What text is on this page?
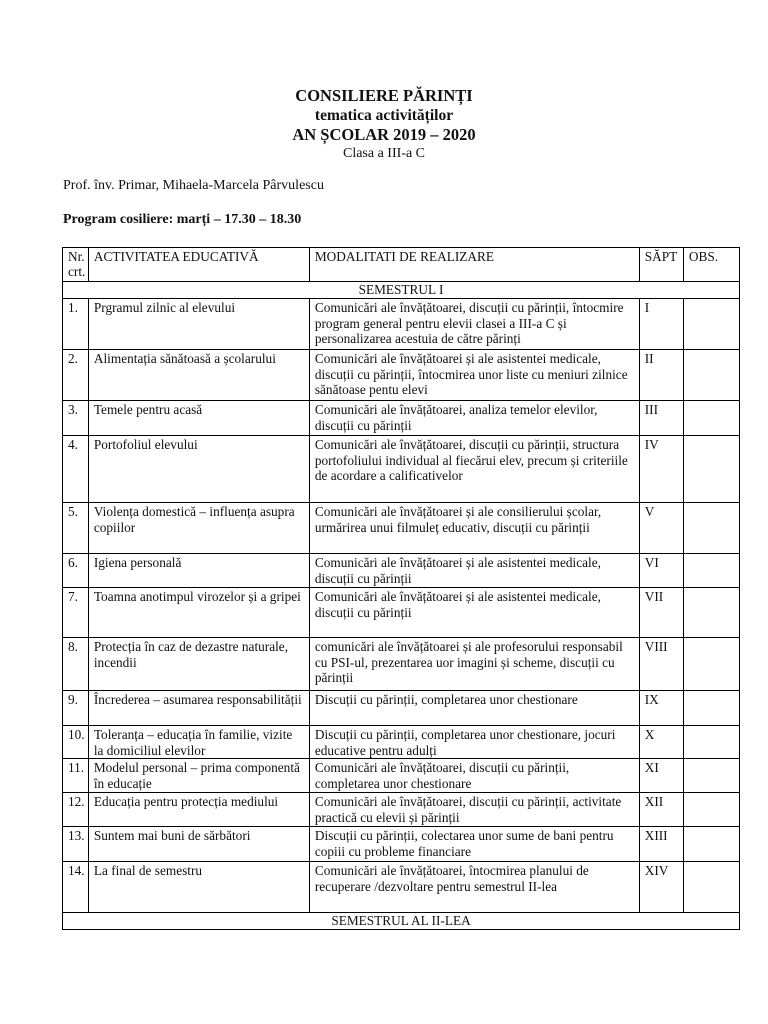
CONSILIERE PĂRINȚI
tematica activităților
AN ȘCOLAR 2019 – 2020
Clasa a III-a C
Prof. înv. Primar, Mihaela-Marcela Pârvulescu
Program cosiliere: marți – 17.30 – 18.30
Nr. crt.	ACTIVITATEA EDUCATIVĂ	MODALITATI DE REALIZARE	SĂPT	OBS.
SEMESTRUL I				
1.	Prgramul zilnic al elevului	Comunicări ale învățătoarei, discuții cu părinții, întocmire program general pentru elevii clasei a III-a C și personalizarea acestuia de către părinți	I	
2.	Alimentația sănătoasă a școlarului	Comunicări ale învățătoarei și ale asistentei medicale, discuții cu părinții, întocmirea unor liste cu meniuri zilnice sănătoase pentu elevi	II	
3.	Temele pentru acasă	Comunicări ale învățătoarei, analiza temelor elevilor, discuții cu părinții	III	
4.	Portofoliul elevului	Comunicări ale învățătoarei, discuții cu părinții, structura portofoliului individual al fiecărui elev, precum și criteriile de acordare a calificativelor	IV	
5.	Violența domestică – influența asupra copiilor	Comunicări ale învățătoarei și ale consilierului școlar, urmărirea unui filmuleț educativ, discuții cu părinții	V	
6.	Igiena personală	Comunicări ale învățătoarei și ale asistentei medicale, discuții cu părinții	VI	
7.	Toamna anotimpul virozelor și a gripei	Comunicări ale învățătoarei și ale asistentei medicale, discuții cu părinții	VII	
8.	Protecția în caz de dezastre naturale, incendii	comunicări ale învățătoarei și ale profesorului responsabil cu PSI-ul, prezentarea uor imagini și scheme, discuții cu părinții	VIII	
9.	Încrederea – asumarea responsabilității	Discuții cu părinții, completarea unor chestionare	IX	
10.	Toleranța – educația în familie, vizite la domiciliul elevilor	Discuții cu părinții, completarea unor chestionare, jocuri educative pentru adulți	X	
11.	Modelul personal – prima componentă în educație	Comunicări ale învățătoarei, discuții cu părinții, completarea unor chestionare	XI	
12.	Educația pentru protecția mediului	Comunicări ale învățătoarei, discuții cu părinții, activitate practică cu elevii și părinții	XII	
13.	Suntem mai buni de sărbători	Discuții cu părinții, colectarea unor sume de bani pentru copiii cu probleme financiare	XIII	
14.	La final de semestru	Comunicări ale învățătoarei, întocmirea planului de recuperare /dezvoltare pentru semestrul II-lea	XIV	
SEMESTRUL AL II-LEA				
